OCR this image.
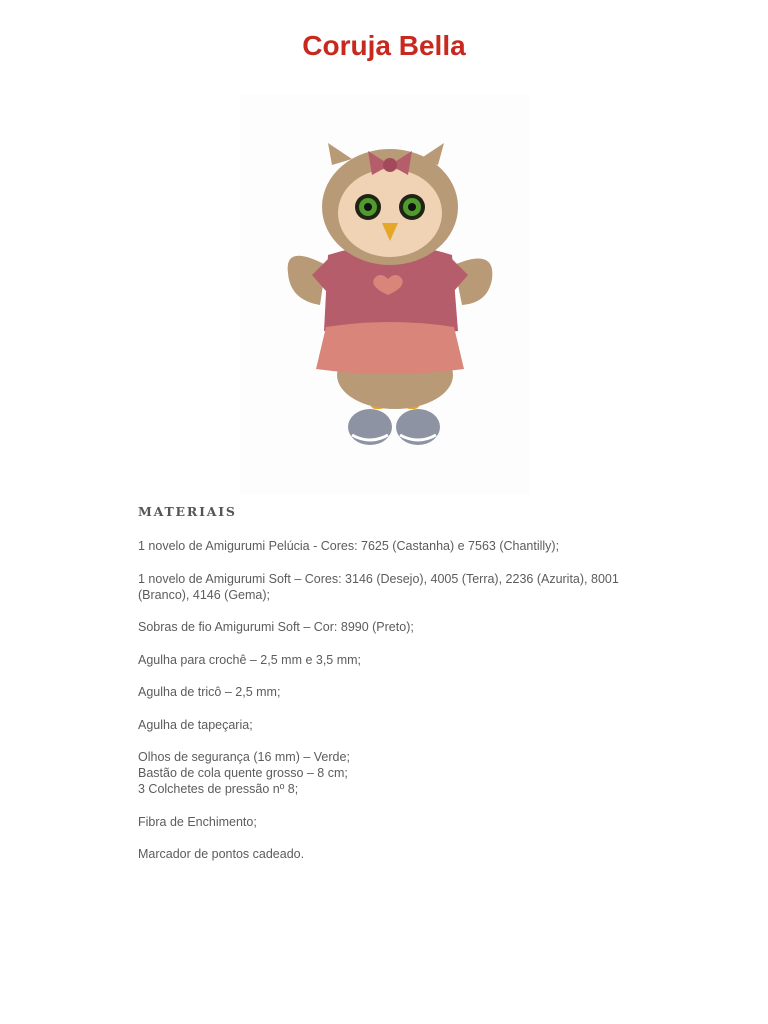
Coruja Bella
MATERIAIS
1 novelo de Amigurumi Pelúcia - Cores: 7625 (Castanha) e 7563 (Chantilly);
1 novelo de Amigurumi Soft – Cores: 3146 (Desejo), 4005 (Terra), 2236 (Azurita), 8001 (Branco), 4146 (Gema);
Sobras de fio Amigurumi Soft – Cor: 8990 (Preto);
Agulha para crochê – 2,5 mm e 3,5 mm;
Agulha de tricô – 2,5 mm;
Agulha de tapeçaria;
Olhos de segurança (16 mm) – Verde;
Bastão de cola quente grosso – 8 cm;
3 Colchetes de pressão nº 8;
Fibra de Enchimento;
Marcador de pontos cadeado.
